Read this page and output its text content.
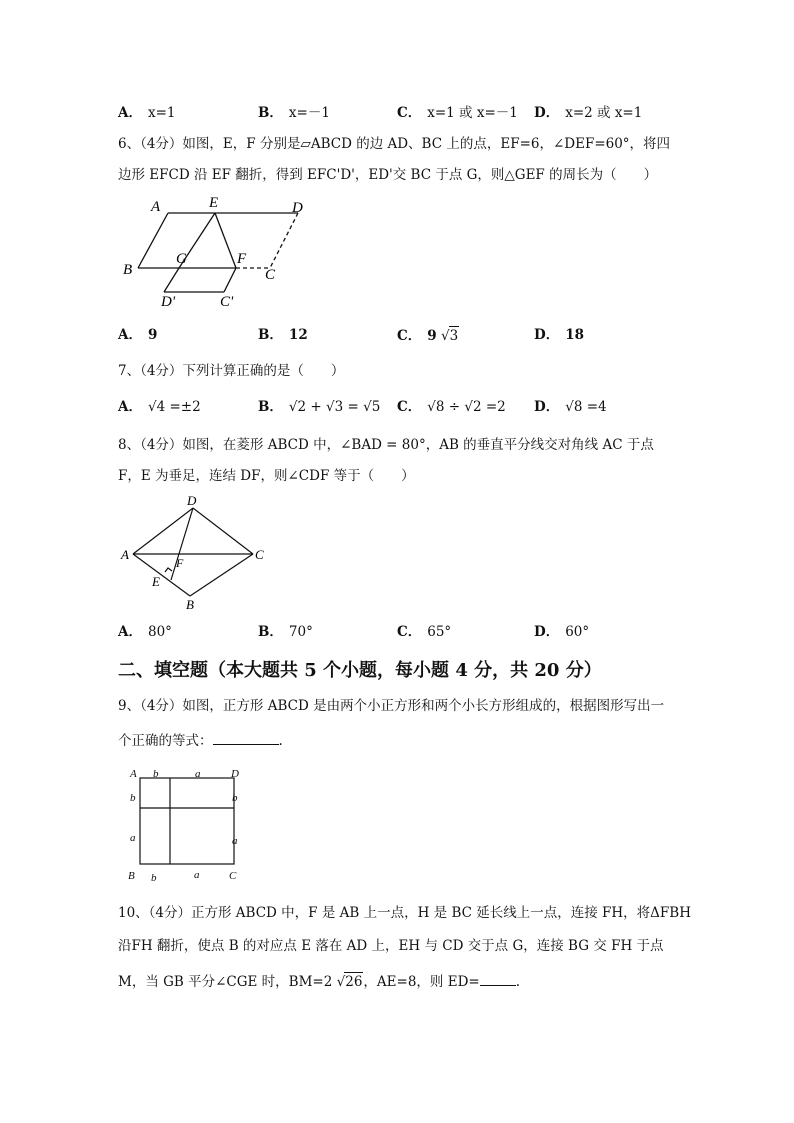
A． x=1	B． x=－1	C． x=1 或 x=－1 D． x=2 或 x=1
6、（4分）如图，E，F 分别是▱ABCD 的边 AD、BC 上的点，EF=6，∠DEF=60°，将四
边形 EFCD 沿 EF 翻折，得到 EFC'D'，ED'交 BC 于点 G，则△GEF 的周长为（　　）
A	E	D
B
G	F
C
D'	C'
A． 9	B． 12	C． 9 √3	D． 18
7、（4分）下列计算正确的是（　　）
A． √4 =±2	B． √2 + √3 = √5 C． √8 ÷ √2 =2 D． √8 =4
8、（4分）如图，在菱形 ABCD 中，∠BAD = 80°，AB 的垂直平分线交对角线 AC 于点
F，E 为垂足，连结 DF，则∠CDF 等于（　　）
A
D
C
B
E
F
A． 80°	B． 70°	C． 65°	D． 60°
二、填空题（本大题共 5 个小题，每小题 4 分，共 20 分）
9、（4分）如图，正方形 ABCD 是由两个小正方形和两个小长方形组成的，根据图形写出一
个正确的等式：	.
A b	a	D
b	b
a	a
B b	a	C
10、（4分）正方形 ABCD 中，F 是 AB 上一点，H 是 BC 延长线上一点，连接 FH，将ΔFBH
沿FH 翻折，使点 B 的对应点 E 落在 AD 上，EH 与 CD 交于点 G，连接 BG 交 FH 于点
M，当 GB 平分∠CGE 时，BM=2 √26，AE=8，则 ED=	.
